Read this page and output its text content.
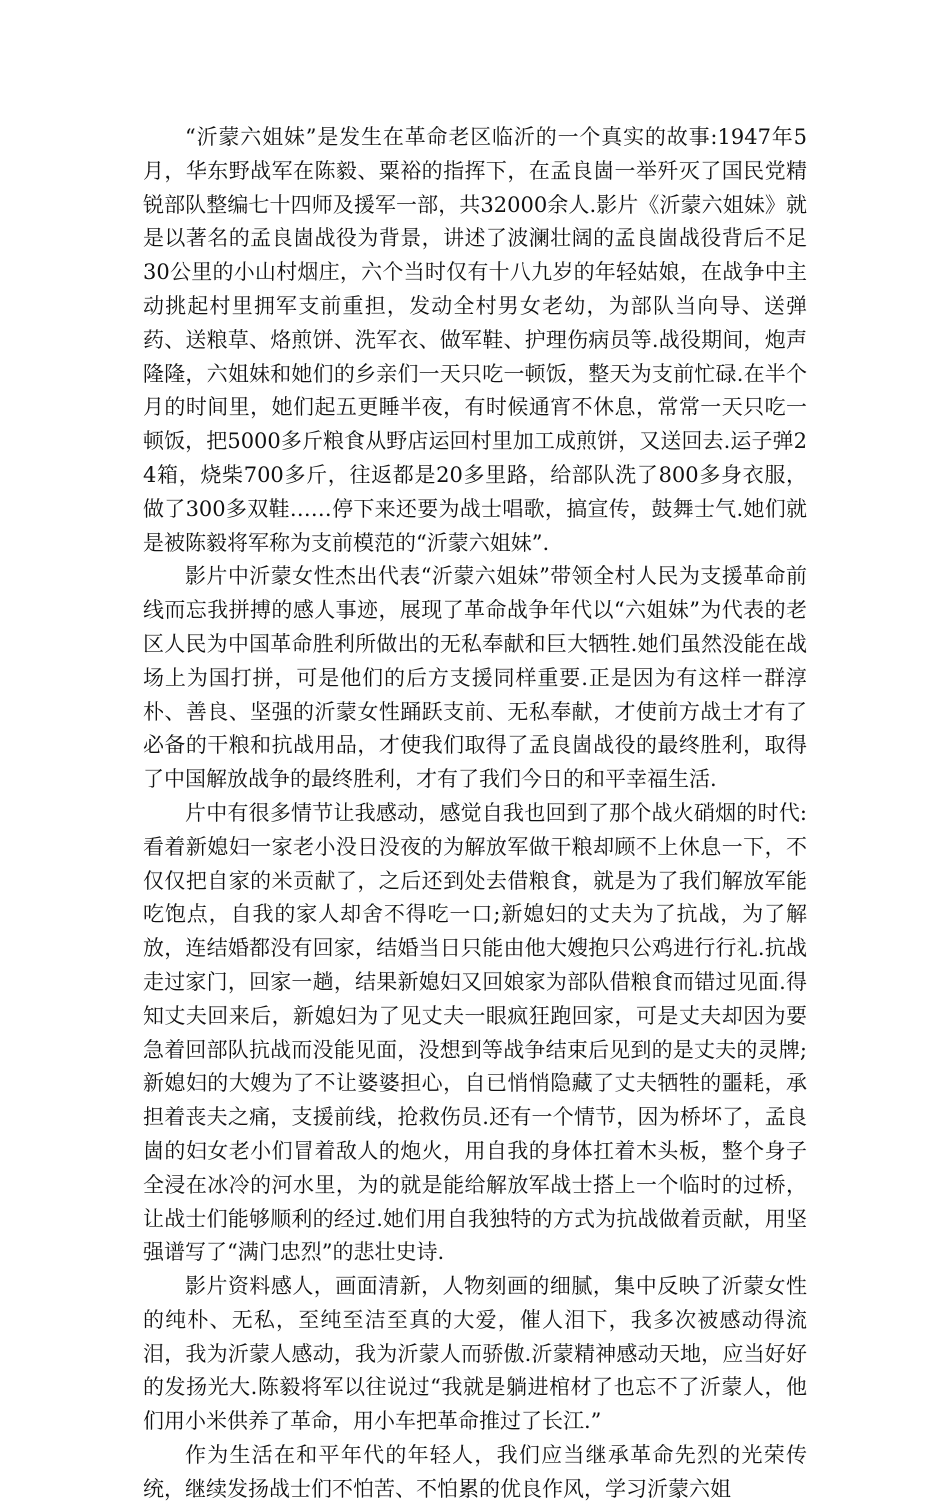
“沂蒙六姐妹”是发生在革命老区临沂的一个真实的故事:1947年5月，华东野战军在陈毅、粟裕的指挥下，在孟良崮一举歼灭了国民党精锐部队整编七十四师及援军一部，共32000余人.影片《沂蒙六姐妹》就是以著名的孟良崮战役为背景，讲述了波澜壮阔的孟良崮战役背后不足30公里的小山村烟庄，六个当时仅有十八九岁的年轻姑娘，在战争中主动挑起村里拥军支前重担，发动全村男女老幼，为部队当向导、送弹药、送粮草、烙煎饼、洗军衣、做军鞋、护理伤病员等.战役期间，炮声隆隆，六姐妹和她们的乡亲们一天只吃一顿饭，整天为支前忙碌.在半个月的时间里，她们起五更睡半夜，有时候通宵不休息，常常一天只吃一顿饭，把5000多斤粮食从野店运回村里加工成煎饼，又送回去.运子弹24箱，烧柴700多斤，往返都是20多里路，给部队洗了800多身衣服，做了300多双鞋……停下来还要为战士唱歌，搞宣传，鼓舞士气.她们就是被陈毅将军称为支前模范的“沂蒙六姐妹”.

影片中沂蒙女性杰出代表“沂蒙六姐妹”带领全村人民为支援革命前线而忘我拼搏的感人事迹，展现了革命战争年代以“六姐妹”为代表的老区人民为中国革命胜利所做出的无私奉献和巨大牺牲.她们虽然没能在战场上为国打拼，可是他们的后方支援同样重要.正是因为有这样一群淳朴、善良、坚强的沂蒙女性踊跃支前、无私奉献，才使前方战士才有了必备的干粮和抗战用品，才使我们取得了孟良崮战役的最终胜利，取得了中国解放战争的最终胜利，才有了我们今日的和平幸福生活.

片中有很多情节让我感动，感觉自我也回到了那个战火硝烟的时代:看着新媳妇一家老小没日没夜的为解放军做干粮却顾不上休息一下，不仅仅把自家的米贡献了，之后还到处去借粮食，就是为了我们解放军能吃饱点，自我的家人却舍不得吃一口;新媳妇的丈夫为了抗战，为了解放，连结婚都没有回家，结婚当日只能由他大嫂抱只公鸡进行行礼.抗战走过家门，回家一趟，结果新媳妇又回娘家为部队借粮食而错过见面.得知丈夫回来后，新媳妇为了见丈夫一眼疯狂跑回家，可是丈夫却因为要急着回部队抗战而没能见面，没想到等战争结束后见到的是丈夫的灵牌;新媳妇的大嫂为了不让婆婆担心，自已悄悄隐藏了丈夫牺牲的噩耗，承担着丧夫之痛，支援前线，抢救伤员.还有一个情节，因为桥坏了，孟良崮的妇女老小们冒着敌人的炮火，用自我的身体扛着木头板，整个身子全浸在冰冷的河水里，为的就是能给解放军战士搭上一个临时的过桥，让战士们能够顺利的经过.她们用自我独特的方式为抗战做着贡献，用坚强谱写了“满门忠烈”的悲壮史诗.

影片资料感人，画面清新，人物刻画的细腻，集中反映了沂蒙女性的纯朴、无私，至纯至洁至真的大爱，催人泪下，我多次被感动得流泪，我为沂蒙人感动，我为沂蒙人而骄傲.沂蒙精神感动天地，应当好好的发扬光大.陈毅将军以往说过“我就是躺进棺材了也忘不了沂蒙人，他们用小米供养了革命，用小车把革命推过了长江.”

作为生活在和平年代的年轻人，我们应当继承革命先烈的光荣传统，继续发扬战士们不怕苦、不怕累的优良作风，学习沂蒙六姐
